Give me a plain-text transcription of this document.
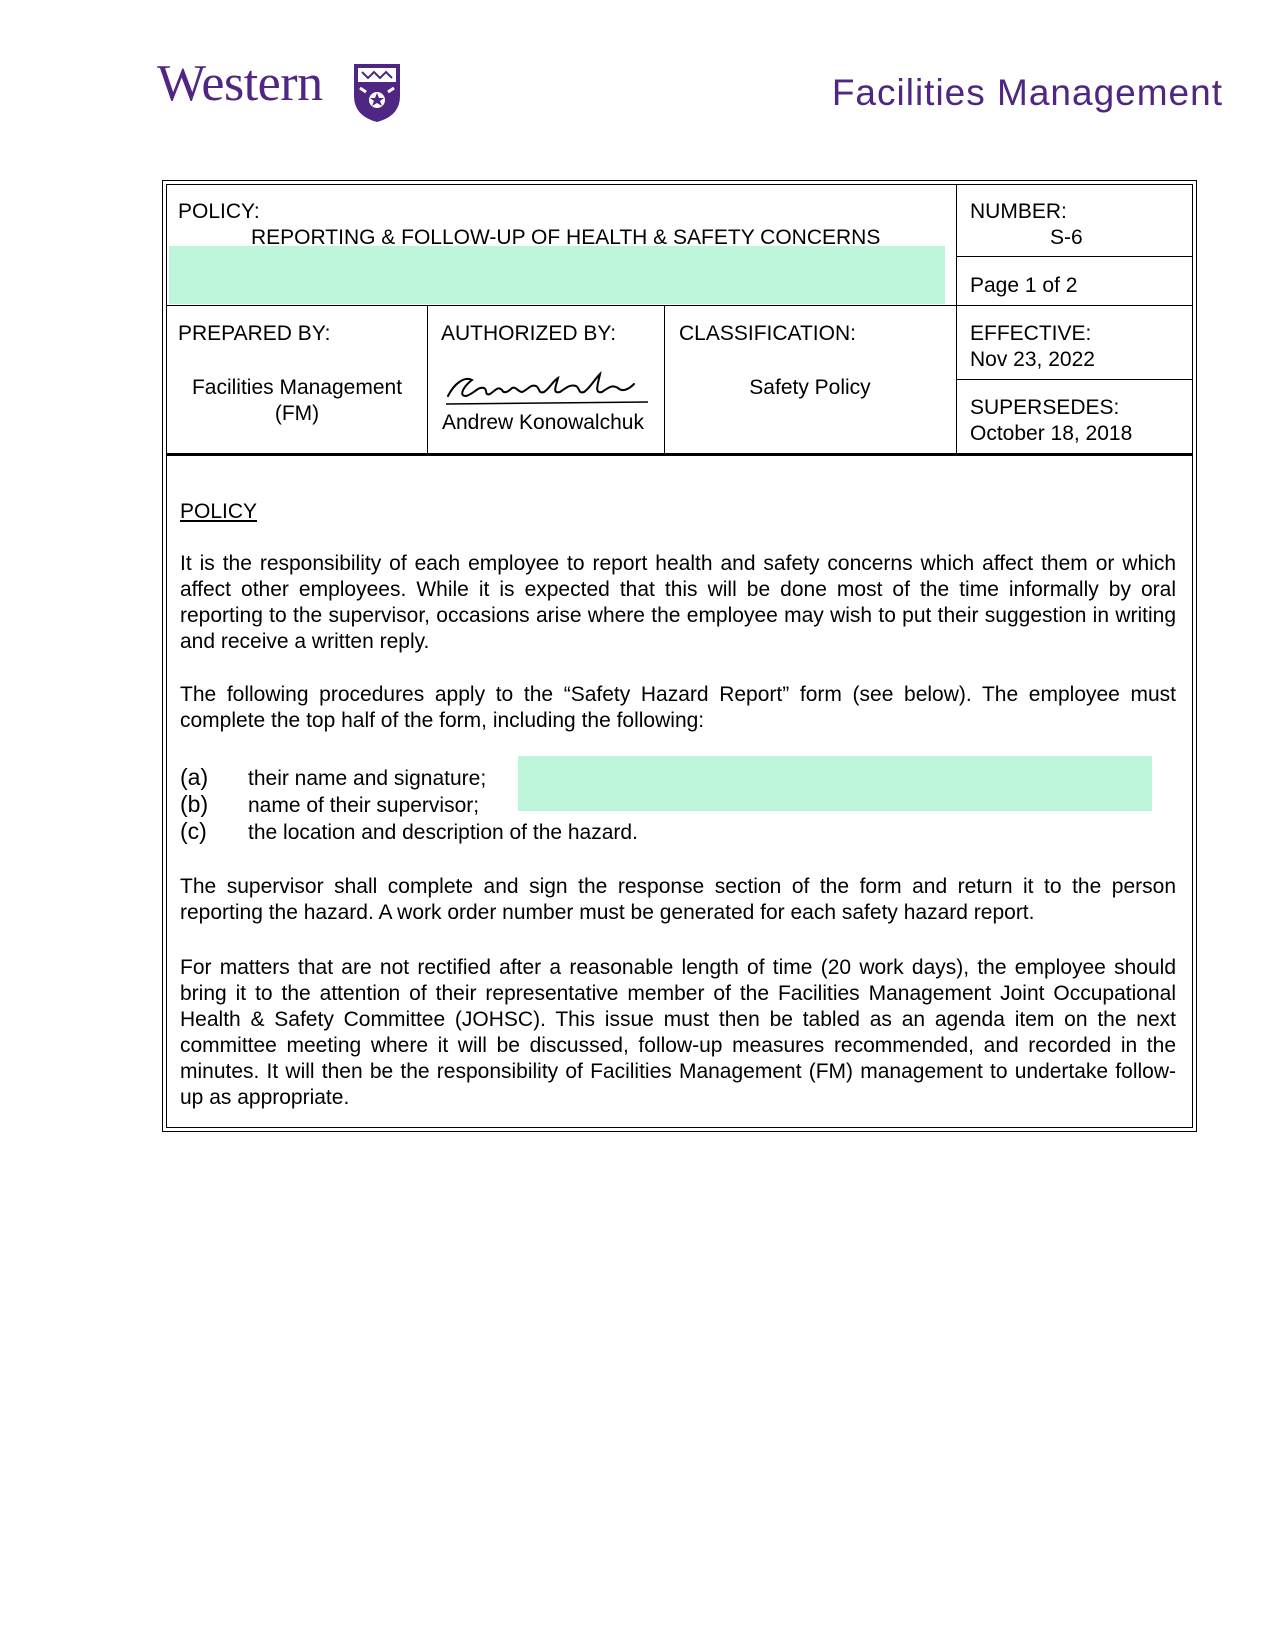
Western	Facilities Management
POLICY:
REPORTING & FOLLOW-UP OF HEALTH & SAFETY CONCERNS
NUMBER:
S-6
Page 1 of 2
PREPARED BY:
Facilities Management
(FM)
AUTHORIZED BY:
Andrew Konowalchuk
CLASSIFICATION:
Safety Policy
EFFECTIVE:
Nov 23, 2022
SUPERSEDES:
October 18, 2018
POLICY

It is the responsibility of each employee to report health and safety concerns which affect them or which affect other employees. While it is expected that this will be done most of the time informally by oral reporting to the supervisor, occasions arise where the employee may wish to put their suggestion in writing and receive a written reply.

The following procedures apply to the “Safety Hazard Report” form (see below). The employee must complete the top half of the form, including the following:

(a) their name and signature;
(b) name of their supervisor;
(c) the location and description of the hazard.

The supervisor shall complete and sign the response section of the form and return it to the person reporting the hazard. A work order number must be generated for each safety hazard report.

For matters that are not rectified after a reasonable length of time (20 work days), the employee should bring it to the attention of their representative member of the Facilities Management Joint Occupational Health & Safety Committee (JOHSC). This issue must then be tabled as an agenda item on the next committee meeting where it will be discussed, follow-up measures recommended, and recorded in the minutes. It will then be the responsibility of Facilities Management (FM) management to undertake follow-up as appropriate.
